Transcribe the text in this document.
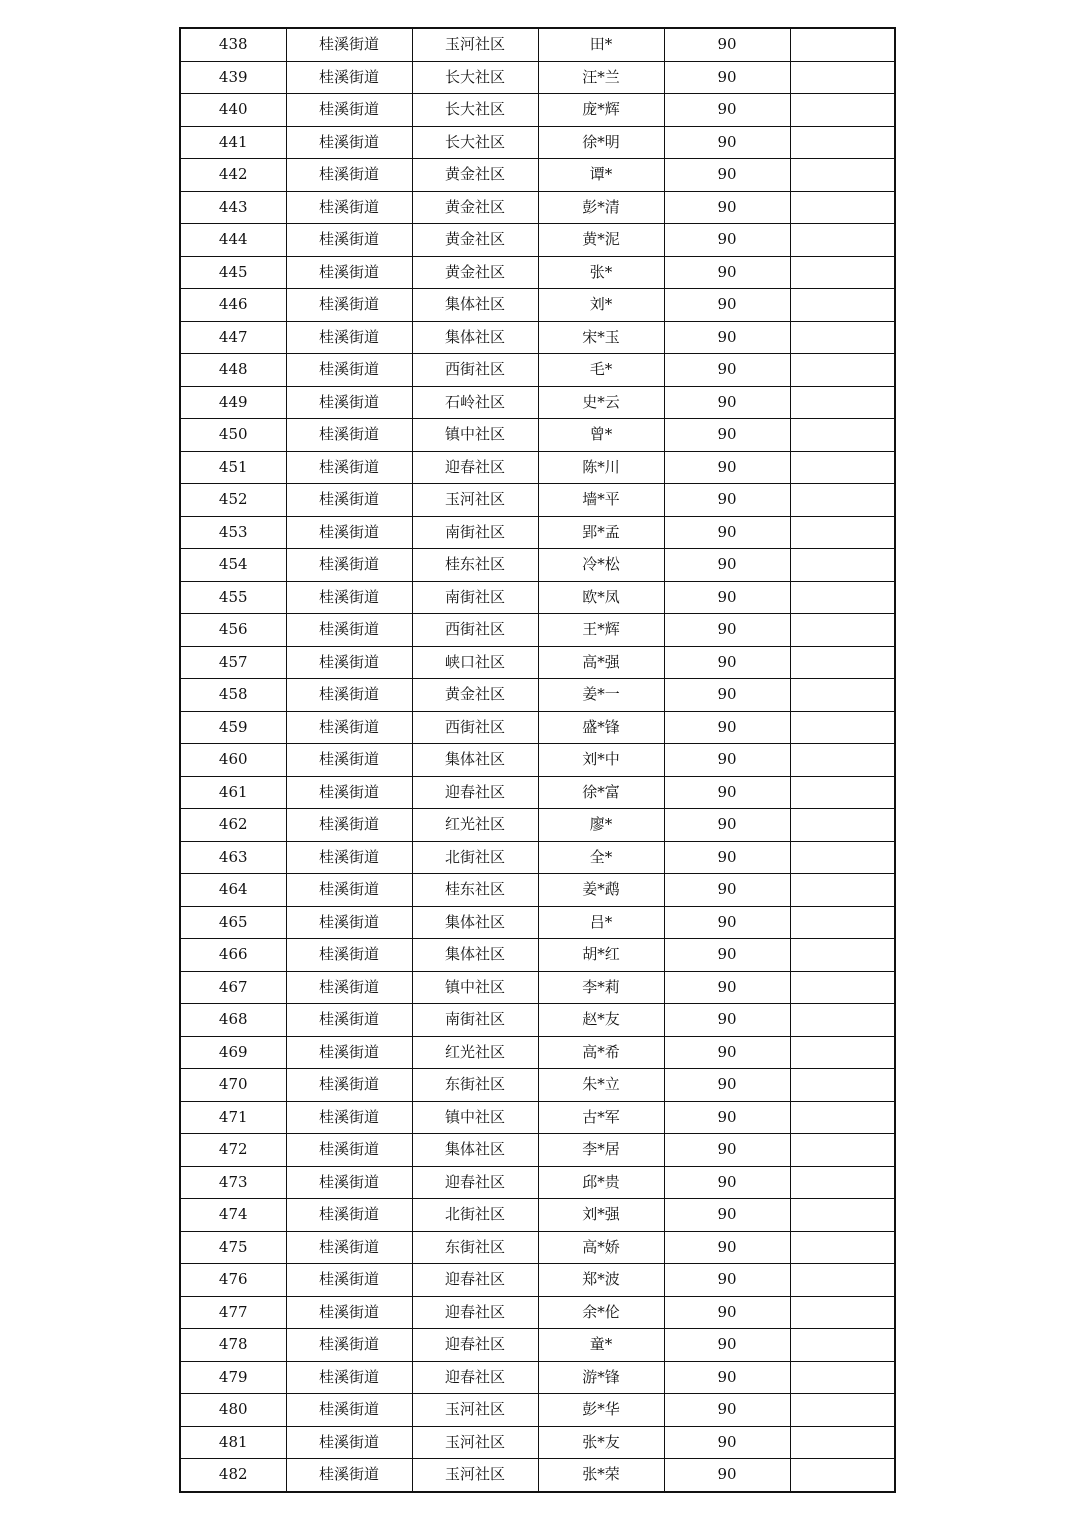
438	桂溪街道	玉河社区	田*	90	
439	桂溪街道	长大社区	汪*兰	90	
440	桂溪街道	长大社区	庞*辉	90	
441	桂溪街道	长大社区	徐*明	90	
442	桂溪街道	黄金社区	谭*	90	
443	桂溪街道	黄金社区	彭*清	90	
444	桂溪街道	黄金社区	黄*泥	90	
445	桂溪街道	黄金社区	张*	90	
446	桂溪街道	集体社区	刘*	90	
447	桂溪街道	集体社区	宋*玉	90	
448	桂溪街道	西街社区	毛*	90	
449	桂溪街道	石岭社区	史*云	90	
450	桂溪街道	镇中社区	曾*	90	
451	桂溪街道	迎春社区	陈*川	90	
452	桂溪街道	玉河社区	墙*平	90	
453	桂溪街道	南街社区	郢*孟	90	
454	桂溪街道	桂东社区	冷*松	90	
455	桂溪街道	南街社区	欧*凤	90	
456	桂溪街道	西街社区	王*辉	90	
457	桂溪街道	峡口社区	高*强	90	
458	桂溪街道	黄金社区	姜*一	90	
459	桂溪街道	西街社区	盛*锋	90	
460	桂溪街道	集体社区	刘*中	90	
461	桂溪街道	迎春社区	徐*富	90	
462	桂溪街道	红光社区	廖*	90	
463	桂溪街道	北街社区	全*	90	
464	桂溪街道	桂东社区	姜*鹉	90	
465	桂溪街道	集体社区	吕*	90	
466	桂溪街道	集体社区	胡*红	90	
467	桂溪街道	镇中社区	李*莉	90	
468	桂溪街道	南街社区	赵*友	90	
469	桂溪街道	红光社区	高*希	90	
470	桂溪街道	东街社区	朱*立	90	
471	桂溪街道	镇中社区	古*军	90	
472	桂溪街道	集体社区	李*居	90	
473	桂溪街道	迎春社区	邱*贵	90	
474	桂溪街道	北街社区	刘*强	90	
475	桂溪街道	东街社区	高*娇	90	
476	桂溪街道	迎春社区	郑*波	90	
477	桂溪街道	迎春社区	余*伦	90	
478	桂溪街道	迎春社区	童*	90	
479	桂溪街道	迎春社区	游*锋	90	
480	桂溪街道	玉河社区	彭*华	90	
481	桂溪街道	玉河社区	张*友	90	
482	桂溪街道	玉河社区	张*荣	90	
